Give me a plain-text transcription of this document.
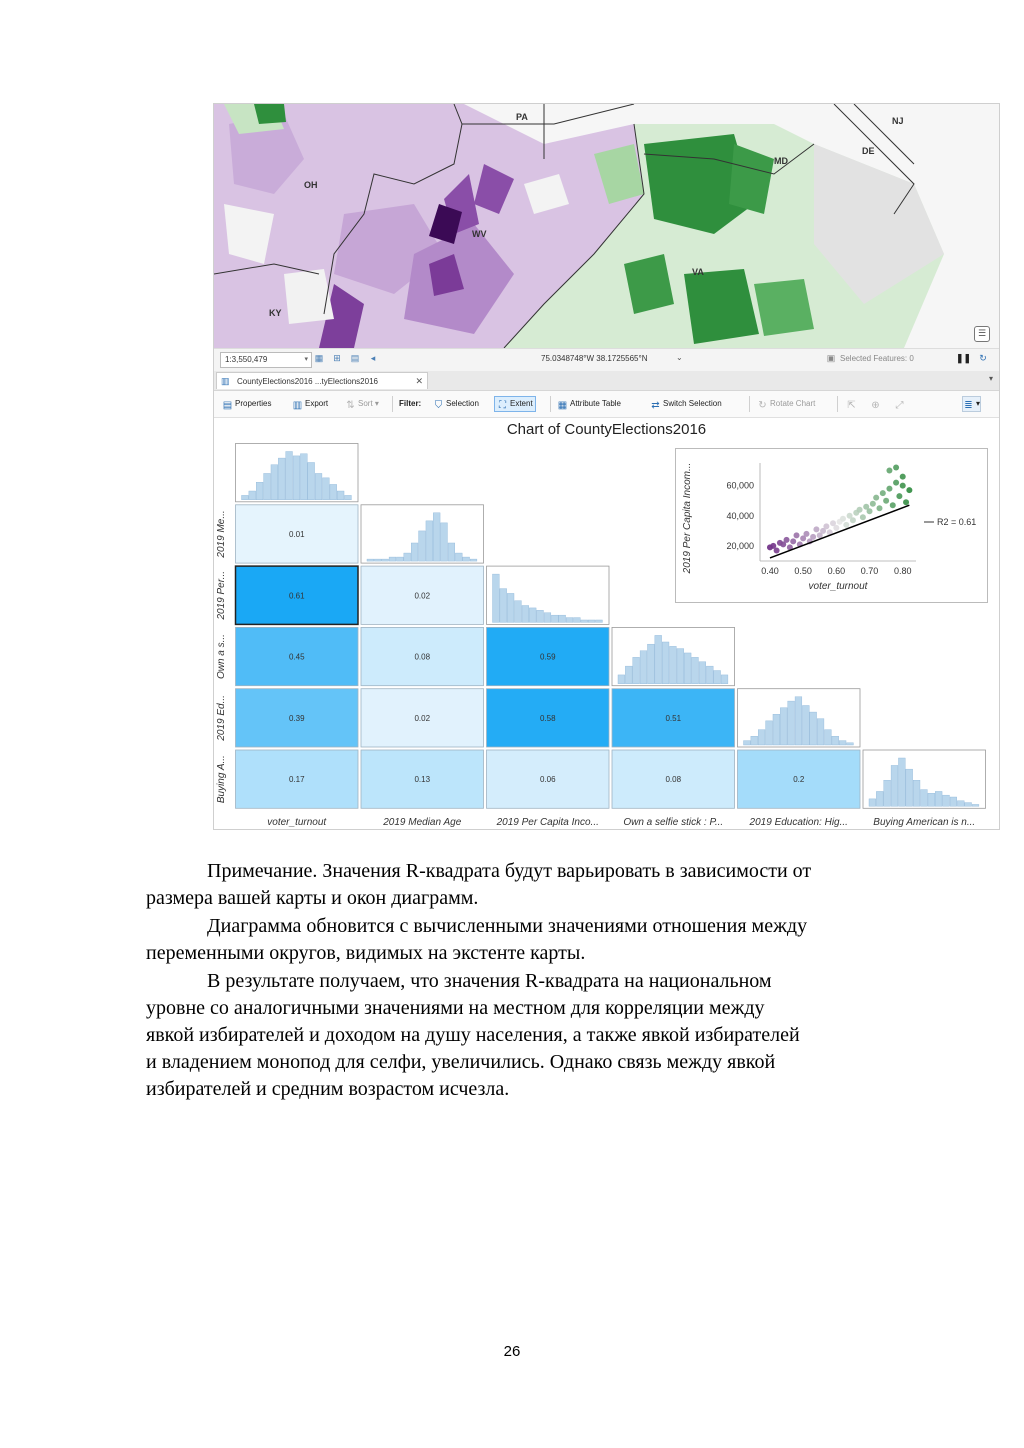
PA	NJ
OH
MD
DE
WV
VA
KY
☰
1:3,550,479	▾ ▦ ⊞ ▤	◂	75.0348748°W 38.1725565°N	⌄	▣ Selected Features: 0	❚❚ ↻
▥ CountyElections2016 ...tyElections2016	✕	▾
▤ Properties ▥ Export ⇅ Sort ▾	Filter: ⛉ Selection	⛶ Extent	▦ Attribute Table	⇄ Switch Selection	↻ Rotate Chart	⇱	⊕	⤢	≣ ▾
0.01
0.61	0.02
0.45	0.08	0.59
0.39	0.02	0.58	0.51
0.17	0.13	0.06	0.08	0.2
2019 Me...
2019 Per...
Own a s...
2019 Ed...
Buying A...
voter_turnout	2019 Median Age	2019 Per Capita Inco... Own a selfie stick : P...	2019 Education: Hig...	Buying American is n...
Chart of CountyElections2016
60,000
40,000
20,000
0.40 0.50 0.60 0.70 0.80
R2 = 0.61
voter_turnout
2019 Per Capita Incom...
Примечание. Значения R-квадрата будут варьировать в зависимости от
размера вашей карты и окон диаграмм.
Диаграмма обновится с вычисленными значениями отношения между
переменными округов, видимых на экстенте карты.
В результате получаем, что значения R-квадрата на национальном
уровне со аналогичными значениями на местном для корреляции между
явкой избирателей и доходом на душу населения, а также явкой избирателей
и владением монопод для селфи, увеличились. Однако связь между явкой
избирателей и средним возрастом исчезла.
26
